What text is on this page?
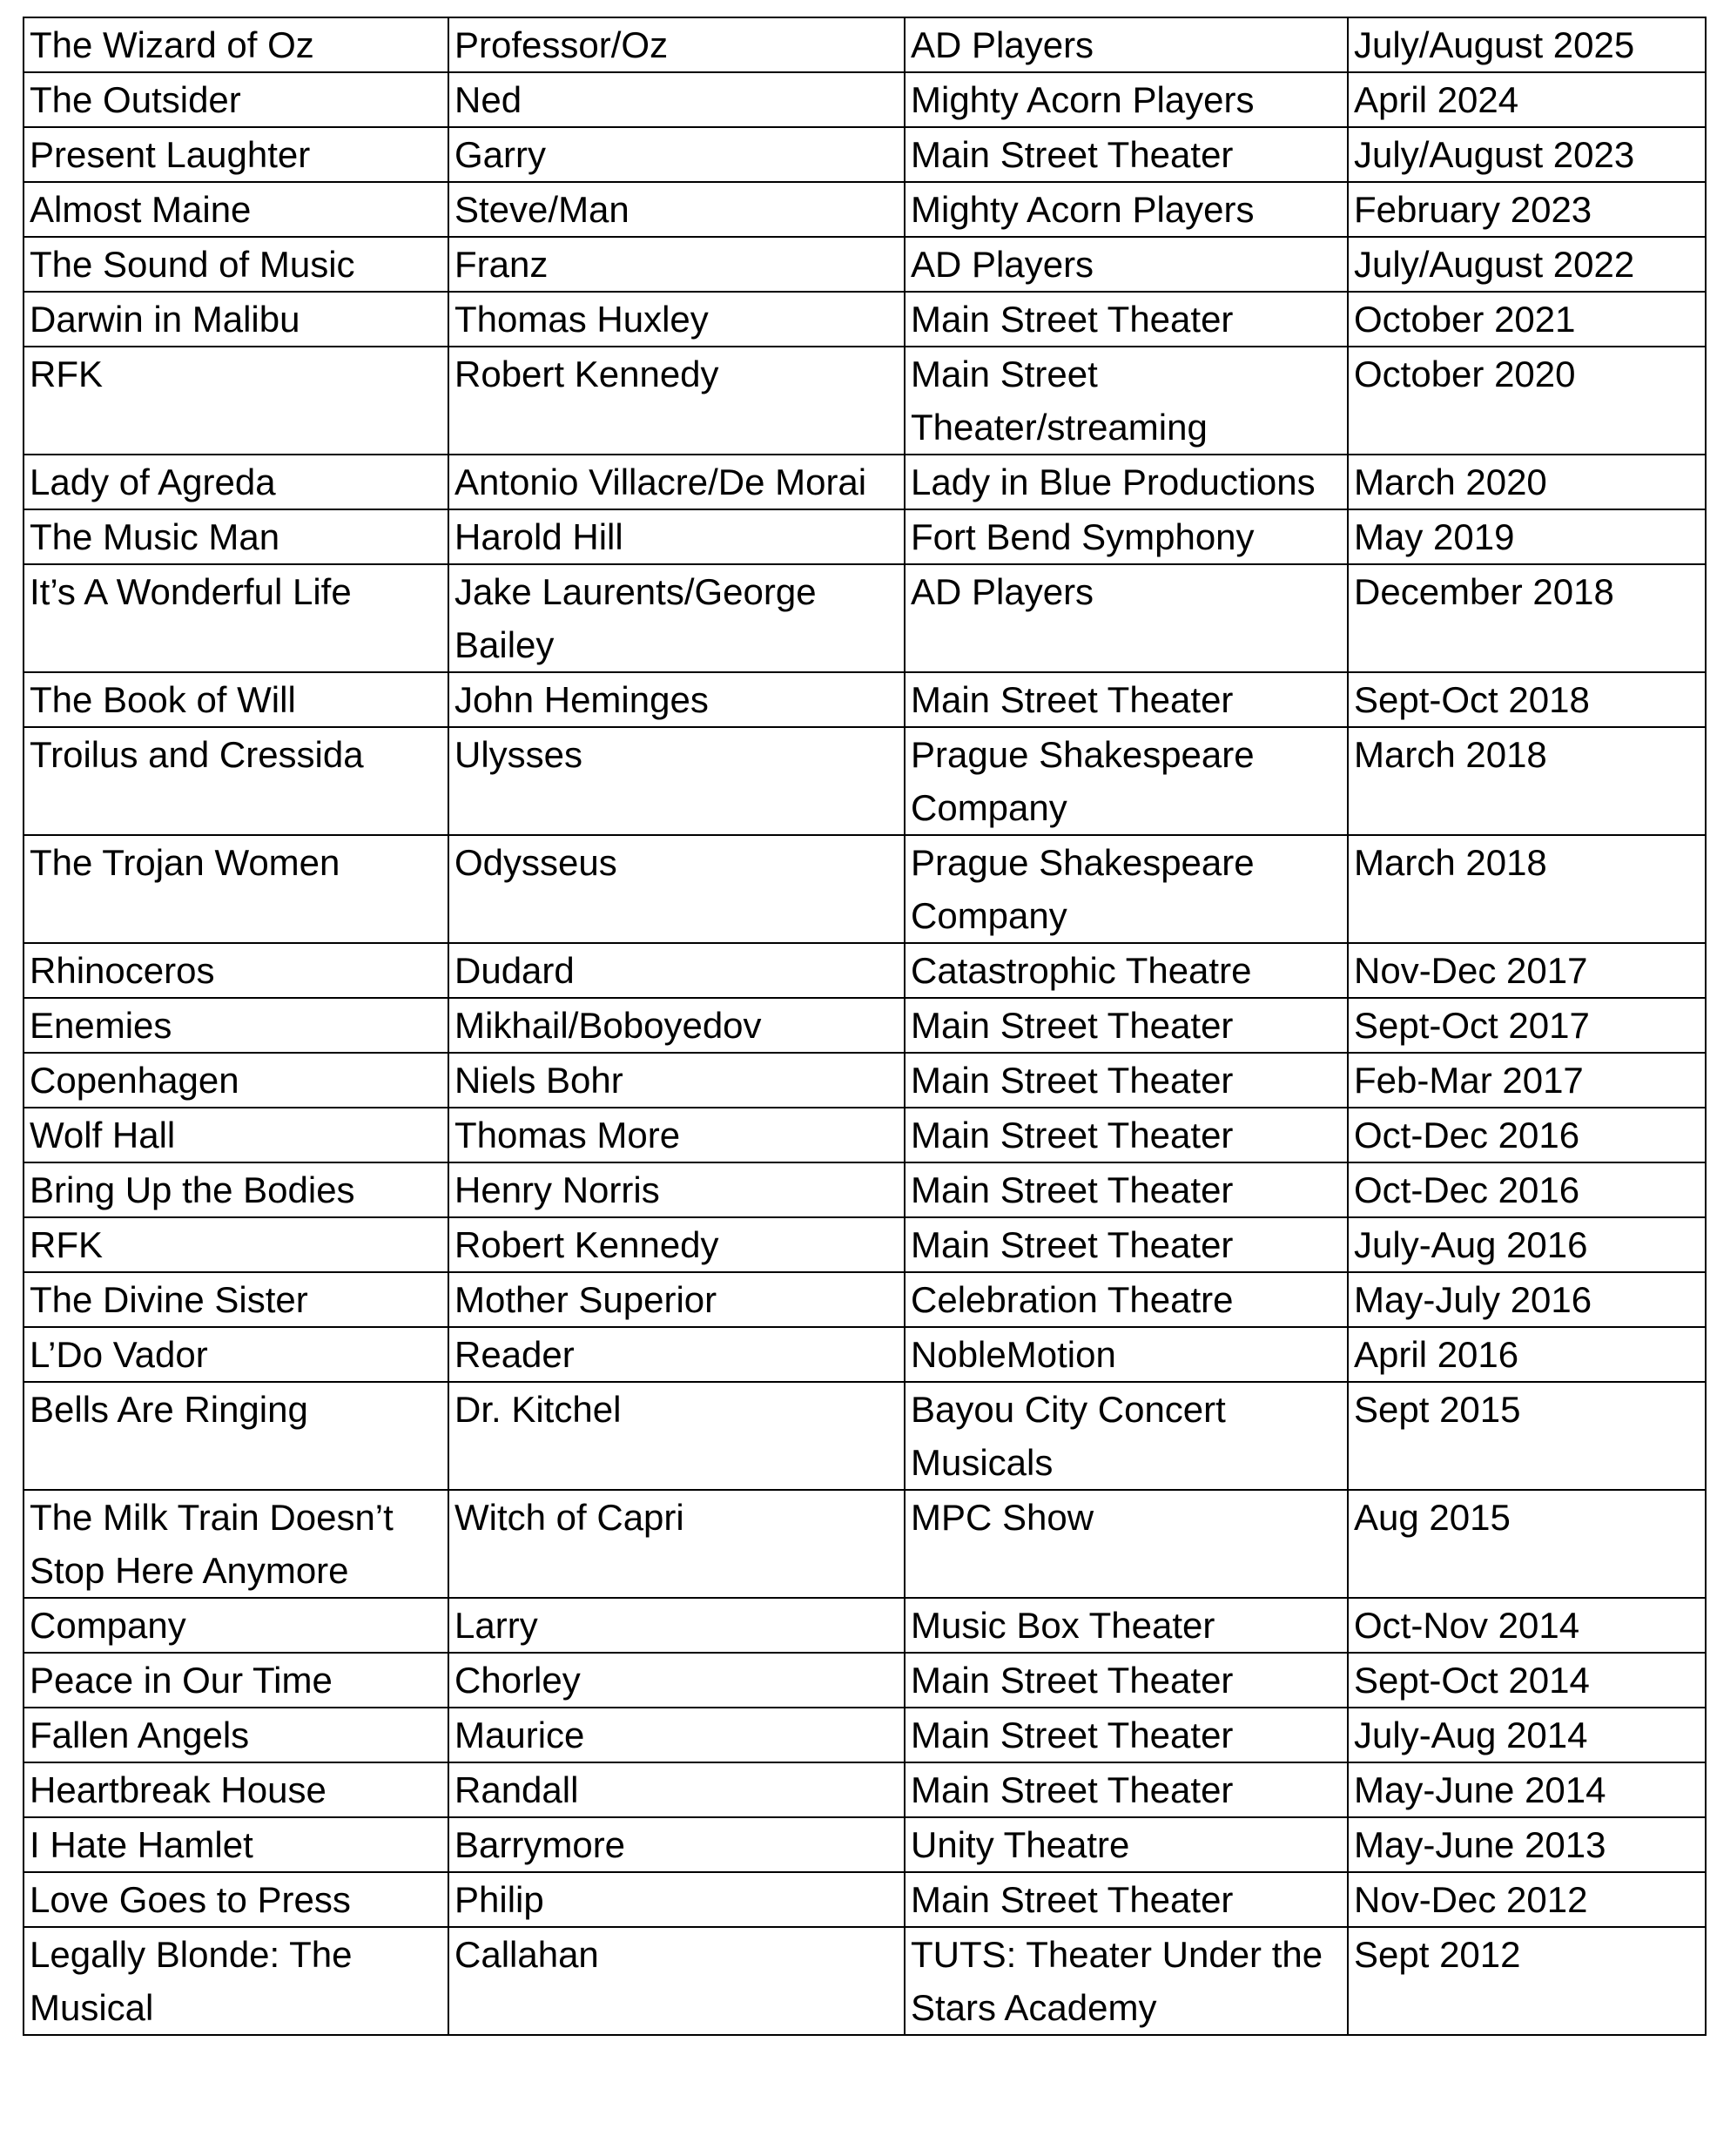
The Wizard of Oz	Professor/Oz	AD Players	July/August 2025
The Outsider	Ned	Mighty Acorn Players	April 2024
Present Laughter	Garry	Main Street Theater	July/August 2023
Almost Maine	Steve/Man	Mighty Acorn Players	February 2023
The Sound of Music	Franz	AD Players	July/August 2022
Darwin in Malibu	Thomas Huxley	Main Street Theater	October 2021
RFK	Robert Kennedy	Main Street Theater/streaming	October 2020
Lady of Agreda	Antonio Villacre/De Morai	Lady in Blue Productions	March 2020
The Music Man	Harold Hill	Fort Bend Symphony	May 2019
It’s A Wonderful Life	Jake Laurents/George Bailey	AD Players	December 2018
The Book of Will	John Heminges	Main Street Theater	Sept-Oct 2018
Troilus and Cressida	Ulysses	Prague Shakespeare Company	March 2018
The Trojan Women	Odysseus	Prague Shakespeare Company	March 2018
Rhinoceros	Dudard	Catastrophic Theatre	Nov-Dec 2017
Enemies	Mikhail/Boboyedov	Main Street Theater	Sept-Oct 2017
Copenhagen	Niels Bohr	Main Street Theater	Feb-Mar 2017
Wolf Hall	Thomas More	Main Street Theater	Oct-Dec 2016
Bring Up the Bodies	Henry Norris	Main Street Theater	Oct-Dec 2016
RFK	Robert Kennedy	Main Street Theater	July-Aug 2016
The Divine Sister	Mother Superior	Celebration Theatre	May-July 2016
L’Do Vador	Reader	NobleMotion	April 2016
Bells Are Ringing	Dr. Kitchel	Bayou City Concert Musicals	Sept 2015
The Milk Train Doesn’t Stop Here Anymore	Witch of Capri	MPC Show	Aug 2015
Company	Larry	Music Box Theater	Oct-Nov 2014
Peace in Our Time	Chorley	Main Street Theater	Sept-Oct 2014
Fallen Angels	Maurice	Main Street Theater	July-Aug 2014
Heartbreak House	Randall	Main Street Theater	May-June 2014
I Hate Hamlet	Barrymore	Unity Theatre	May-June 2013
Love Goes to Press	Philip	Main Street Theater	Nov-Dec 2012
Legally Blonde: The Musical	Callahan	TUTS: Theater Under the Stars Academy	Sept 2012
